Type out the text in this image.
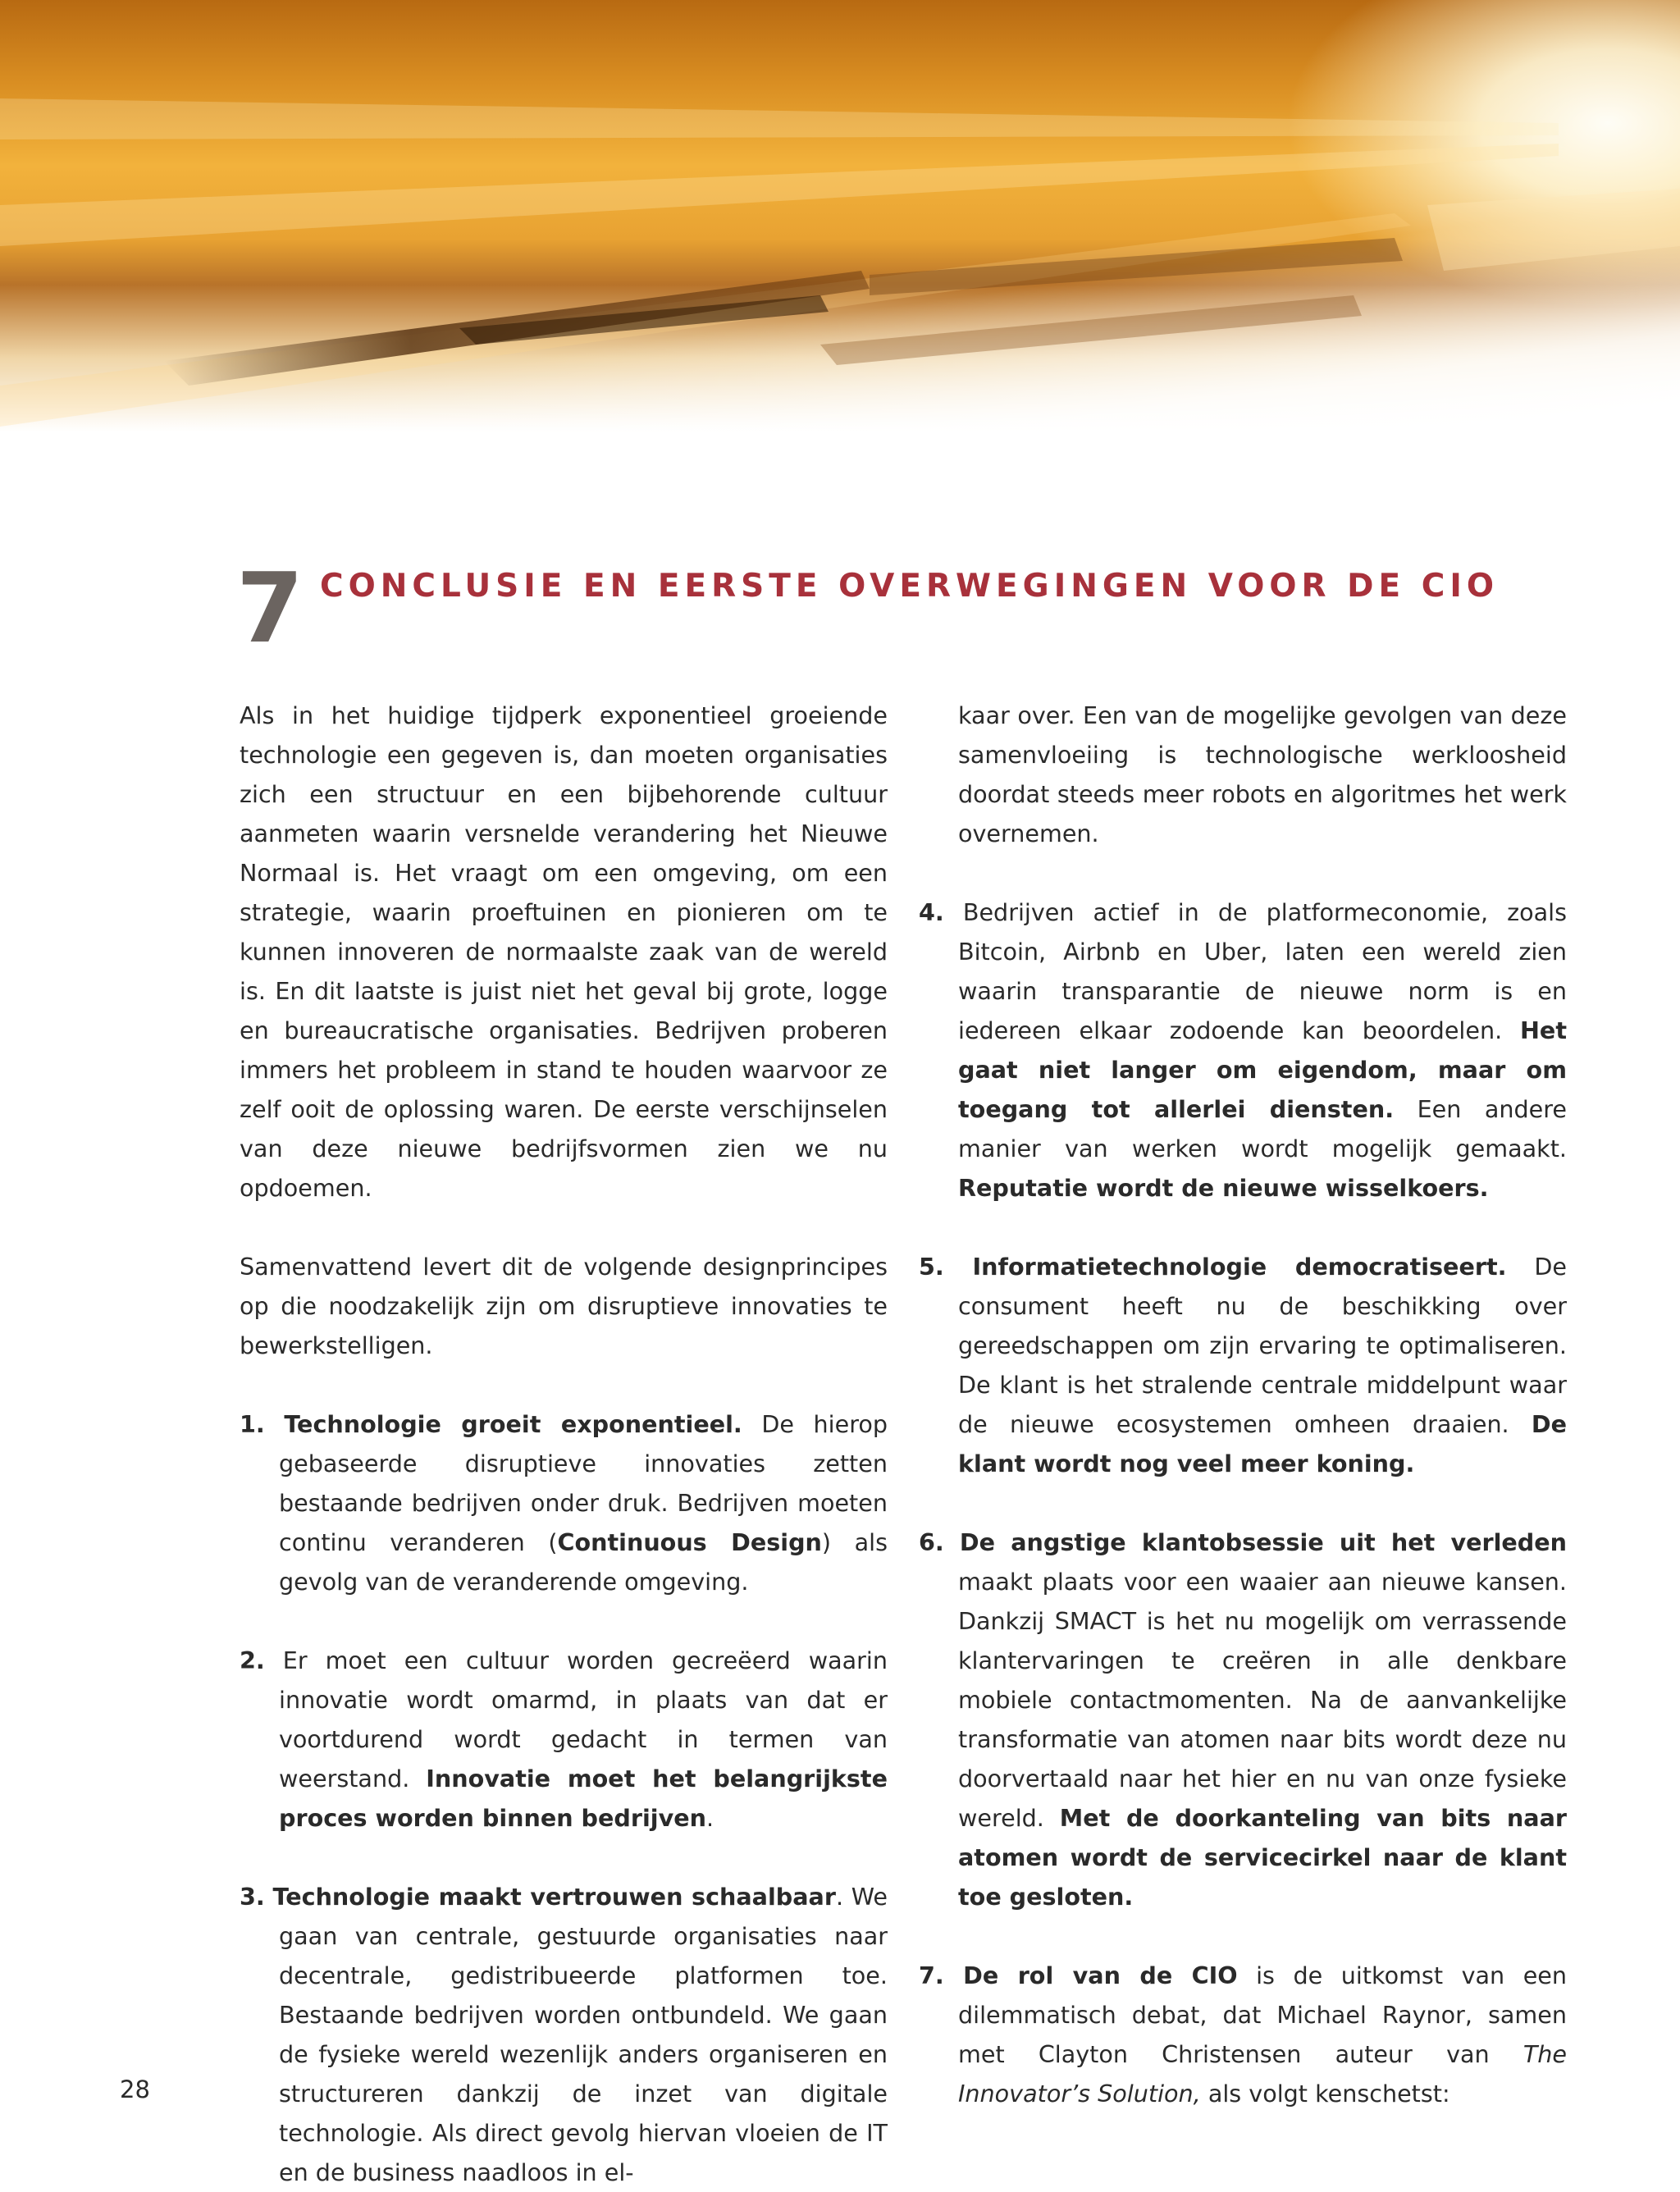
7 CONCLUSIE EN EERSTE OVERWEGINGEN VOOR DE CIO

Als in het huidige tijdperk exponentieel groeiende technologie een gegeven is, dan moeten organisaties zich een structuur en een bijbehorende cultuur aanmeten waarin versnelde verandering het Nieuwe Normaal is. Het vraagt om een omgeving, om een strategie, waarin proeftuinen en pionieren om te kunnen innoveren de normaalste zaak van de wereld is. En dit laatste is juist niet het geval bij grote, logge en bureaucratische organisaties. Bedrijven proberen immers het probleem in stand te houden waarvoor ze zelf ooit de oplossing waren. De eerste verschijnselen van deze nieuwe bedrijfsvormen zien we nu opdoemen.

Samenvattend levert dit de volgende designprincipes op die noodzakelijk zijn om disruptieve innovaties te bewerkstelligen.

1. Technologie groeit exponentieel. De hierop gebaseerde disruptieve innovaties zetten bestaande bedrijven onder druk. Bedrijven moeten continu veranderen (Continuous Design) als gevolg van de veranderende omgeving.

2. Er moet een cultuur worden gecreëerd waarin innovatie wordt omarmd, in plaats van dat er voortdurend wordt gedacht in termen van weerstand. Innovatie moet het belangrijkste proces worden binnen bedrijven.

3. Technologie maakt vertrouwen schaalbaar. We gaan van centrale, gestuurde organisaties naar decentrale, gedistribueerde platformen toe. Bestaande bedrijven worden ontbundeld. We gaan de fysieke wereld wezenlijk anders organiseren en structureren dankzij de inzet van digitale technologie. Als direct gevolg hiervan vloeien de IT en de business naadloos in el-

kaar over. Een van de mogelijke gevolgen van deze samenvloeiing is technologische werkloosheid doordat steeds meer robots en algoritmes het werk overnemen.

4. Bedrijven actief in de platformeconomie, zoals Bitcoin, Airbnb en Uber, laten een wereld zien waarin transparantie de nieuwe norm is en iedereen elkaar zodoende kan beoordelen. Het gaat niet langer om eigendom, maar om toegang tot allerlei diensten. Een andere manier van werken wordt mogelijk gemaakt. Reputatie wordt de nieuwe wisselkoers.

5. Informatietechnologie democratiseert. De consument heeft nu de beschikking over gereedschappen om zijn ervaring te optimaliseren. De klant is het stralende centrale middelpunt waar de nieuwe ecosystemen omheen draaien. De klant wordt nog veel meer koning.

6. De angstige klantobsessie uit het verleden maakt plaats voor een waaier aan nieuwe kansen. Dankzij SMACT is het nu mogelijk om verrassende klantervaringen te creëren in alle denkbare mobiele contactmomenten. Na de aanvankelijke transformatie van atomen naar bits wordt deze nu doorvertaald naar het hier en nu van onze fysieke wereld. Met de doorkanteling van bits naar atomen wordt de servicecirkel naar de klant toe gesloten.

7. De rol van de CIO is de uitkomst van een dilemmatisch debat, dat Michael Raynor, samen met Clayton Christensen auteur van The Innovator’s Solution, als volgt kenschetst:

28
